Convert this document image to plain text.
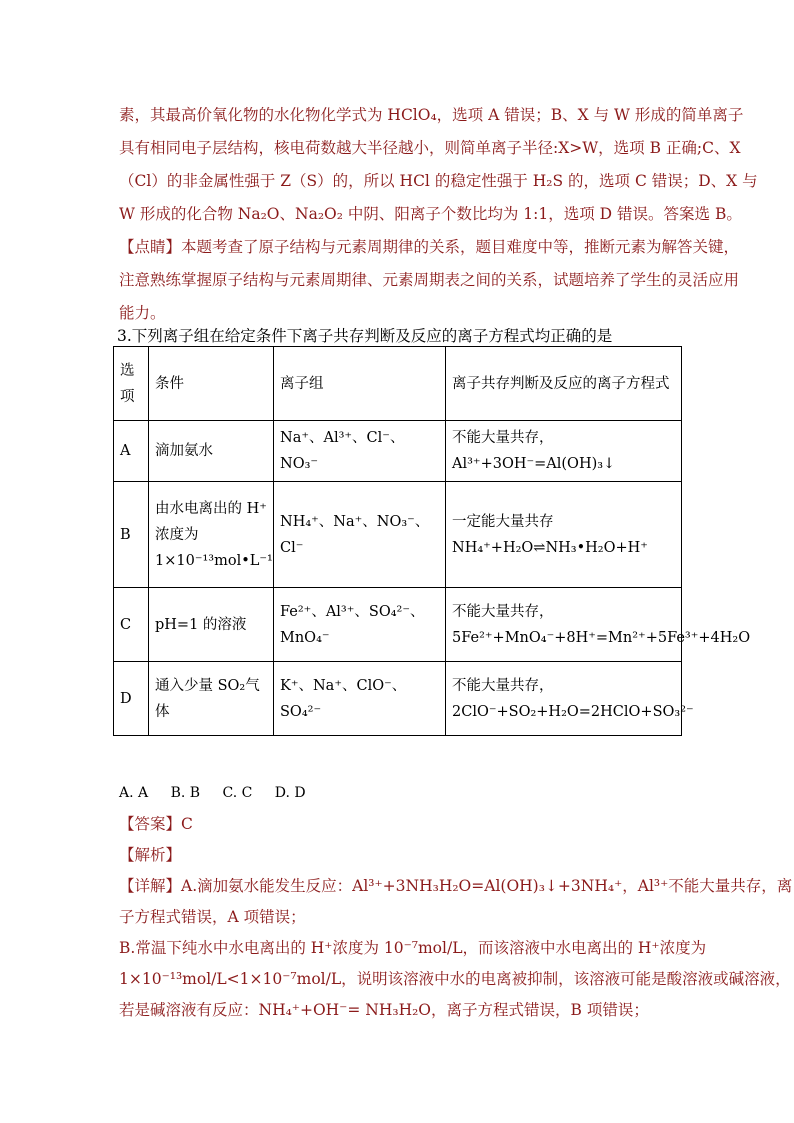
素，其最高价氧化物的水化物化学式为 HClO₄，选项 A 错误；B、X 与 W 形成的简单离子
具有相同电子层结构，核电荷数越大半径越小，则简单离子半径:X>W，选项 B 正确;C、X
（Cl）的非金属性强于 Z（S）的，所以 HCl 的稳定性强于 H₂S 的，选项 C 错误；D、X 与
W 形成的化合物 Na₂O、Na₂O₂ 中阴、阳离子个数比均为 1:1，选项 D 错误。答案选 B。
【点睛】本题考查了原子结构与元素周期律的关系，题目难度中等，推断元素为解答关键，
注意熟练掌握原子结构与元素周期律、元素周期表之间的关系，试题培养了学生的灵活应用
能力。
3.下列离子组在给定条件下离子共存判断及反应的离子方程式均正确的是
选
项	条件	离子组	离子共存判断及反应的离子方程式
A	滴加氨水	Na⁺、Al³⁺、Cl⁻、NO₃⁻	不能大量共存，Al³⁺+3OH⁻=Al(OH)₃↓

B	由水电离出的 H⁺
浓度为
1×10⁻¹³mol•L⁻¹	NH₄⁺、Na⁺、NO₃⁻、Cl⁻	一定能大量共存
NH₄⁺+H₂O⇌NH₃•H₂O+H⁺

C	pH=1 的溶液	Fe²⁺、Al³⁺、SO₄²⁻、MnO₄⁻	不能大量共存，
5Fe²⁺+MnO₄⁻+8H⁺=Mn²⁺+5Fe³⁺+4H₂O

D	通入少量 SO₂气体	K⁺、Na⁺、ClO⁻、SO₄²⁻	不能大量共存，
2ClO⁻+SO₂+H₂O=2HClO+SO₃²⁻
A. A B. B C. C D. D
【答案】C
【解析】
【详解】A.滴加氨水能发生反应：Al³⁺+3NH₃H₂O=Al(OH)₃↓+3NH₄⁺，Al³⁺不能大量共存，离
子方程式错误，A 项错误；
B.常温下纯水中水电离出的 H⁺浓度为 10⁻⁷mol/L，而该溶液中水电离出的 H⁺浓度为
1×10⁻¹³mol/L<1×10⁻⁷mol/L，说明该溶液中水的电离被抑制，该溶液可能是酸溶液或碱溶液，
若是碱溶液有反应：NH₄⁺+OH⁻= NH₃H₂O，离子方程式错误，B 项错误；
